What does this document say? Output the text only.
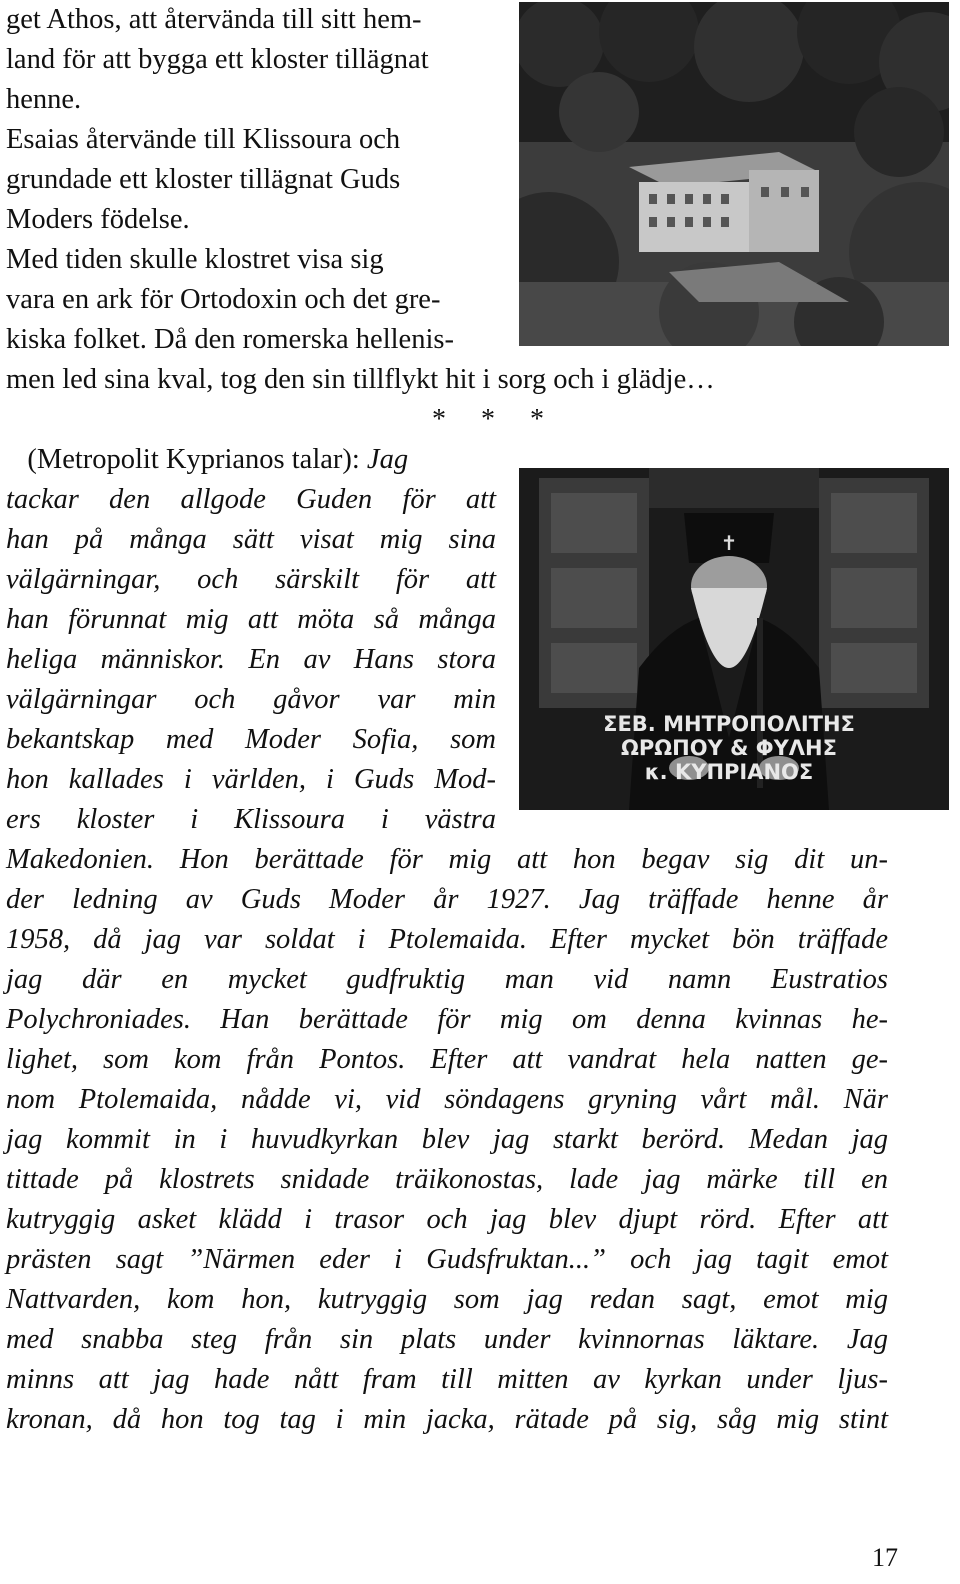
✝
ΣΕΒ. ΜΗΤΡΟΠΟΛΙΤΗΣ
ΩΡΩΠΟΥ & ΦΥΛΗΣ
κ. ΚΥΠΡΙΑΝΟΣ
get Athos, att återvända till sitt hem-
land för att bygga ett kloster tillägnat
henne.
Esaias återvände till Klissoura och
grundade ett kloster tillägnat Guds
Moders födelse.
Med tiden skulle klostret visa sig
vara en ark för Ortodoxin och det gre-
kiska folket. Då den romerska hellenis-
men led sina kval, tog den sin tillflykt hit i sorg och i glädje…
* * *
(Metropolit Kyprianos talar): Jag
tackar den allgode Guden för att
han på många sätt visat mig sina
välgärningar, och särskilt för att
han förunnat mig att möta så många
heliga människor. En av Hans stora
välgärningar och gåvor var min
bekantskap med Moder Sofia, som
hon kallades i världen, i Guds Mod-
ers kloster i Klissoura i västra
Makedonien. Hon berättade för mig att hon begav sig dit un-
der ledning av Guds Moder år 1927. Jag träffade henne år
1958, då jag var soldat i Ptolemaida. Efter mycket bön träffade
jag där en mycket gudfruktig man vid namn Eustratios
Polychroniades. Han berättade för mig om denna kvinnas he-
lighet, som kom från Pontos. Efter att vandrat hela natten ge-
nom Ptolemaida, nådde vi, vid söndagens gryning vårt mål. När
jag kommit in i huvudkyrkan blev jag starkt berörd. Medan jag
tittade på klostrets snidade träikonostas, lade jag märke till en
kutryggig asket klädd i trasor och jag blev djupt rörd. Efter att
prästen sagt ”Närmen eder i Gudsfruktan...” och jag tagit emot
Nattvarden, kom hon, kutryggig som jag redan sagt, emot mig
med snabba steg från sin plats under kvinnornas läktare. Jag
minns att jag hade nått fram till mitten av kyrkan under ljus-
kronan, då hon tog tag i min jacka, rätade på sig, såg mig stint
17
